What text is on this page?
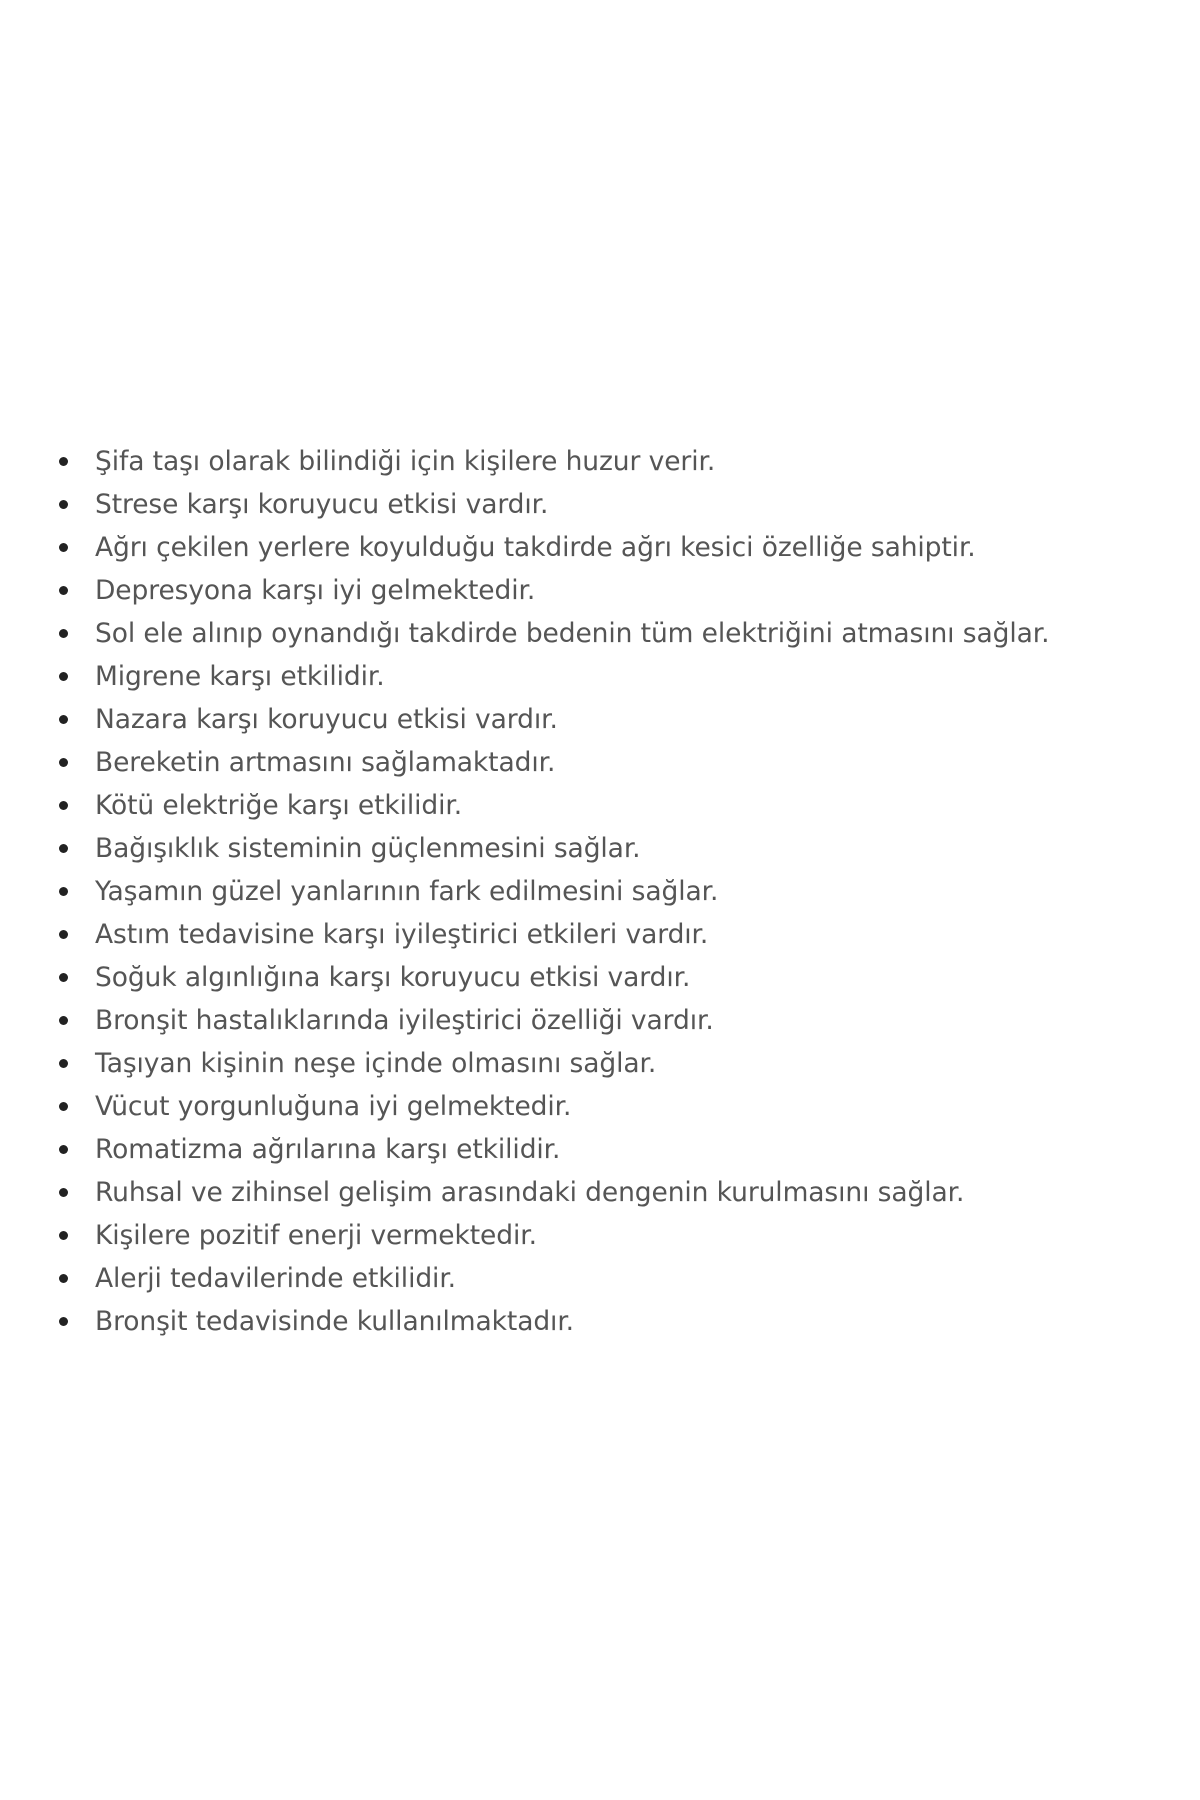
Şifa taşı olarak bilindiği için kişilere huzur verir.
Strese karşı koruyucu etkisi vardır.
Ağrı çekilen yerlere koyulduğu takdirde ağrı kesici özelliğe sahiptir.
Depresyona karşı iyi gelmektedir.
Sol ele alınıp oynandığı takdirde bedenin tüm elektriğini atmasını sağlar.
Migrene karşı etkilidir.
Nazara karşı koruyucu etkisi vardır.
Bereketin artmasını sağlamaktadır.
Kötü elektriğe karşı etkilidir.
Bağışıklık sisteminin güçlenmesini sağlar.
Yaşamın güzel yanlarının fark edilmesini sağlar.
Astım tedavisine karşı iyileştirici etkileri vardır.
Soğuk algınlığına karşı koruyucu etkisi vardır.
Bronşit hastalıklarında iyileştirici özelliği vardır.
Taşıyan kişinin neşe içinde olmasını sağlar.
Vücut yorgunluğuna iyi gelmektedir.
Romatizma ağrılarına karşı etkilidir.
Ruhsal ve zihinsel gelişim arasındaki dengenin kurulmasını sağlar.
Kişilere pozitif enerji vermektedir.
Alerji tedavilerinde etkilidir.
Bronşit tedavisinde kullanılmaktadır.
